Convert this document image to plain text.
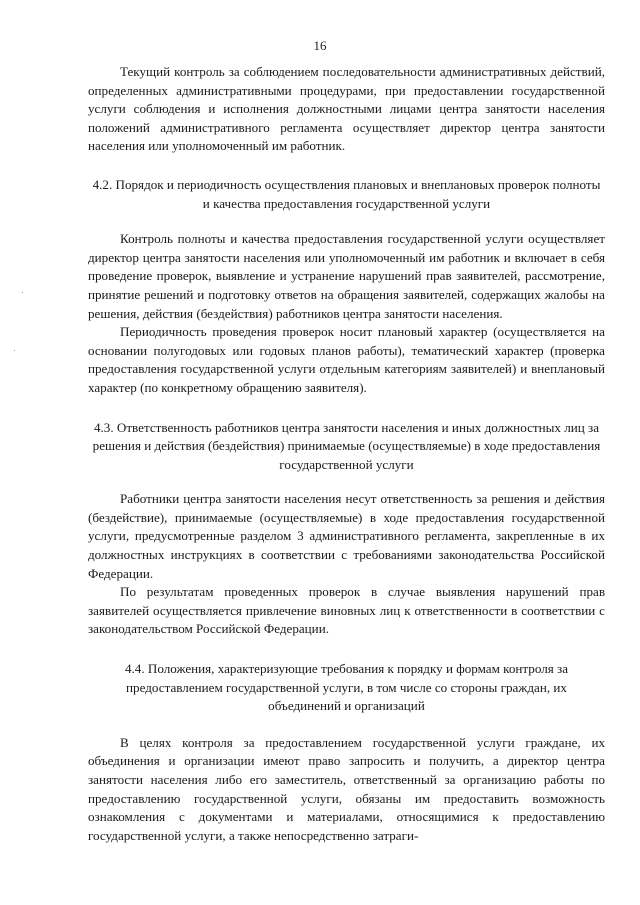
16

Текущий контроль за соблюдением последовательности административных действий, определенных административными процедурами, при предоставлении государственной услуги соблюдения и исполнения должностными лицами центра занятости населения положений административного регламента осуществляет директор центра занятости населения или уполномоченный им работник.

4.2. Порядок и периодичность осуществления плановых и внеплановых проверок полноты и качества предоставления государственной услуги

Контроль полноты и качества предоставления государственной услуги осуществляет директор центра занятости населения или уполномоченный им работник и включает в себя проведение проверок, выявление и устранение нарушений прав заявителей, рассмотрение, принятие решений и подготовку ответов на обращения заявителей, содержащих жалобы на решения, действия (бездействия) работников центра занятости населения.

Периодичность проведения проверок носит плановый характер (осуществляется на основании полугодовых или годовых планов работы), тематический характер (проверка предоставления государственной услуги отдельным категориям заявителей) и внеплановый характер (по конкретному обращению заявителя).

4.3. Ответственность работников центра занятости населения и иных должностных лиц за решения и действия (бездействия) принимаемые (осуществляемые) в ходе предоставления государственной услуги

Работники центра занятости населения несут ответственность за решения и действия (бездействие), принимаемые (осуществляемые) в ходе предоставления государственной услуги, предусмотренные разделом 3 административного регламента, закрепленные в их должностных инструкциях в соответствии с требованиями законодательства Российской Федерации.

По результатам проведенных проверок в случае выявления нарушений прав заявителей осуществляется привлечение виновных лиц к ответственности в соответствии с законодательством Российской Федерации.

4.4. Положения, характеризующие требования к порядку и формам контроля за предоставлением государственной услуги, в том числе со стороны граждан, их объединений и организаций

В целях контроля за предоставлением государственной услуги граждане, их объединения и организации имеют право запросить и получить, а директор центра занятости населения либо его заместитель, ответственный за организацию работы по предоставлению государственной услуги, обязаны им предоставить возможность ознакомления с документами и материалами, относящимися к предоставлению государственной услуги, а также непосредственно затраги-
